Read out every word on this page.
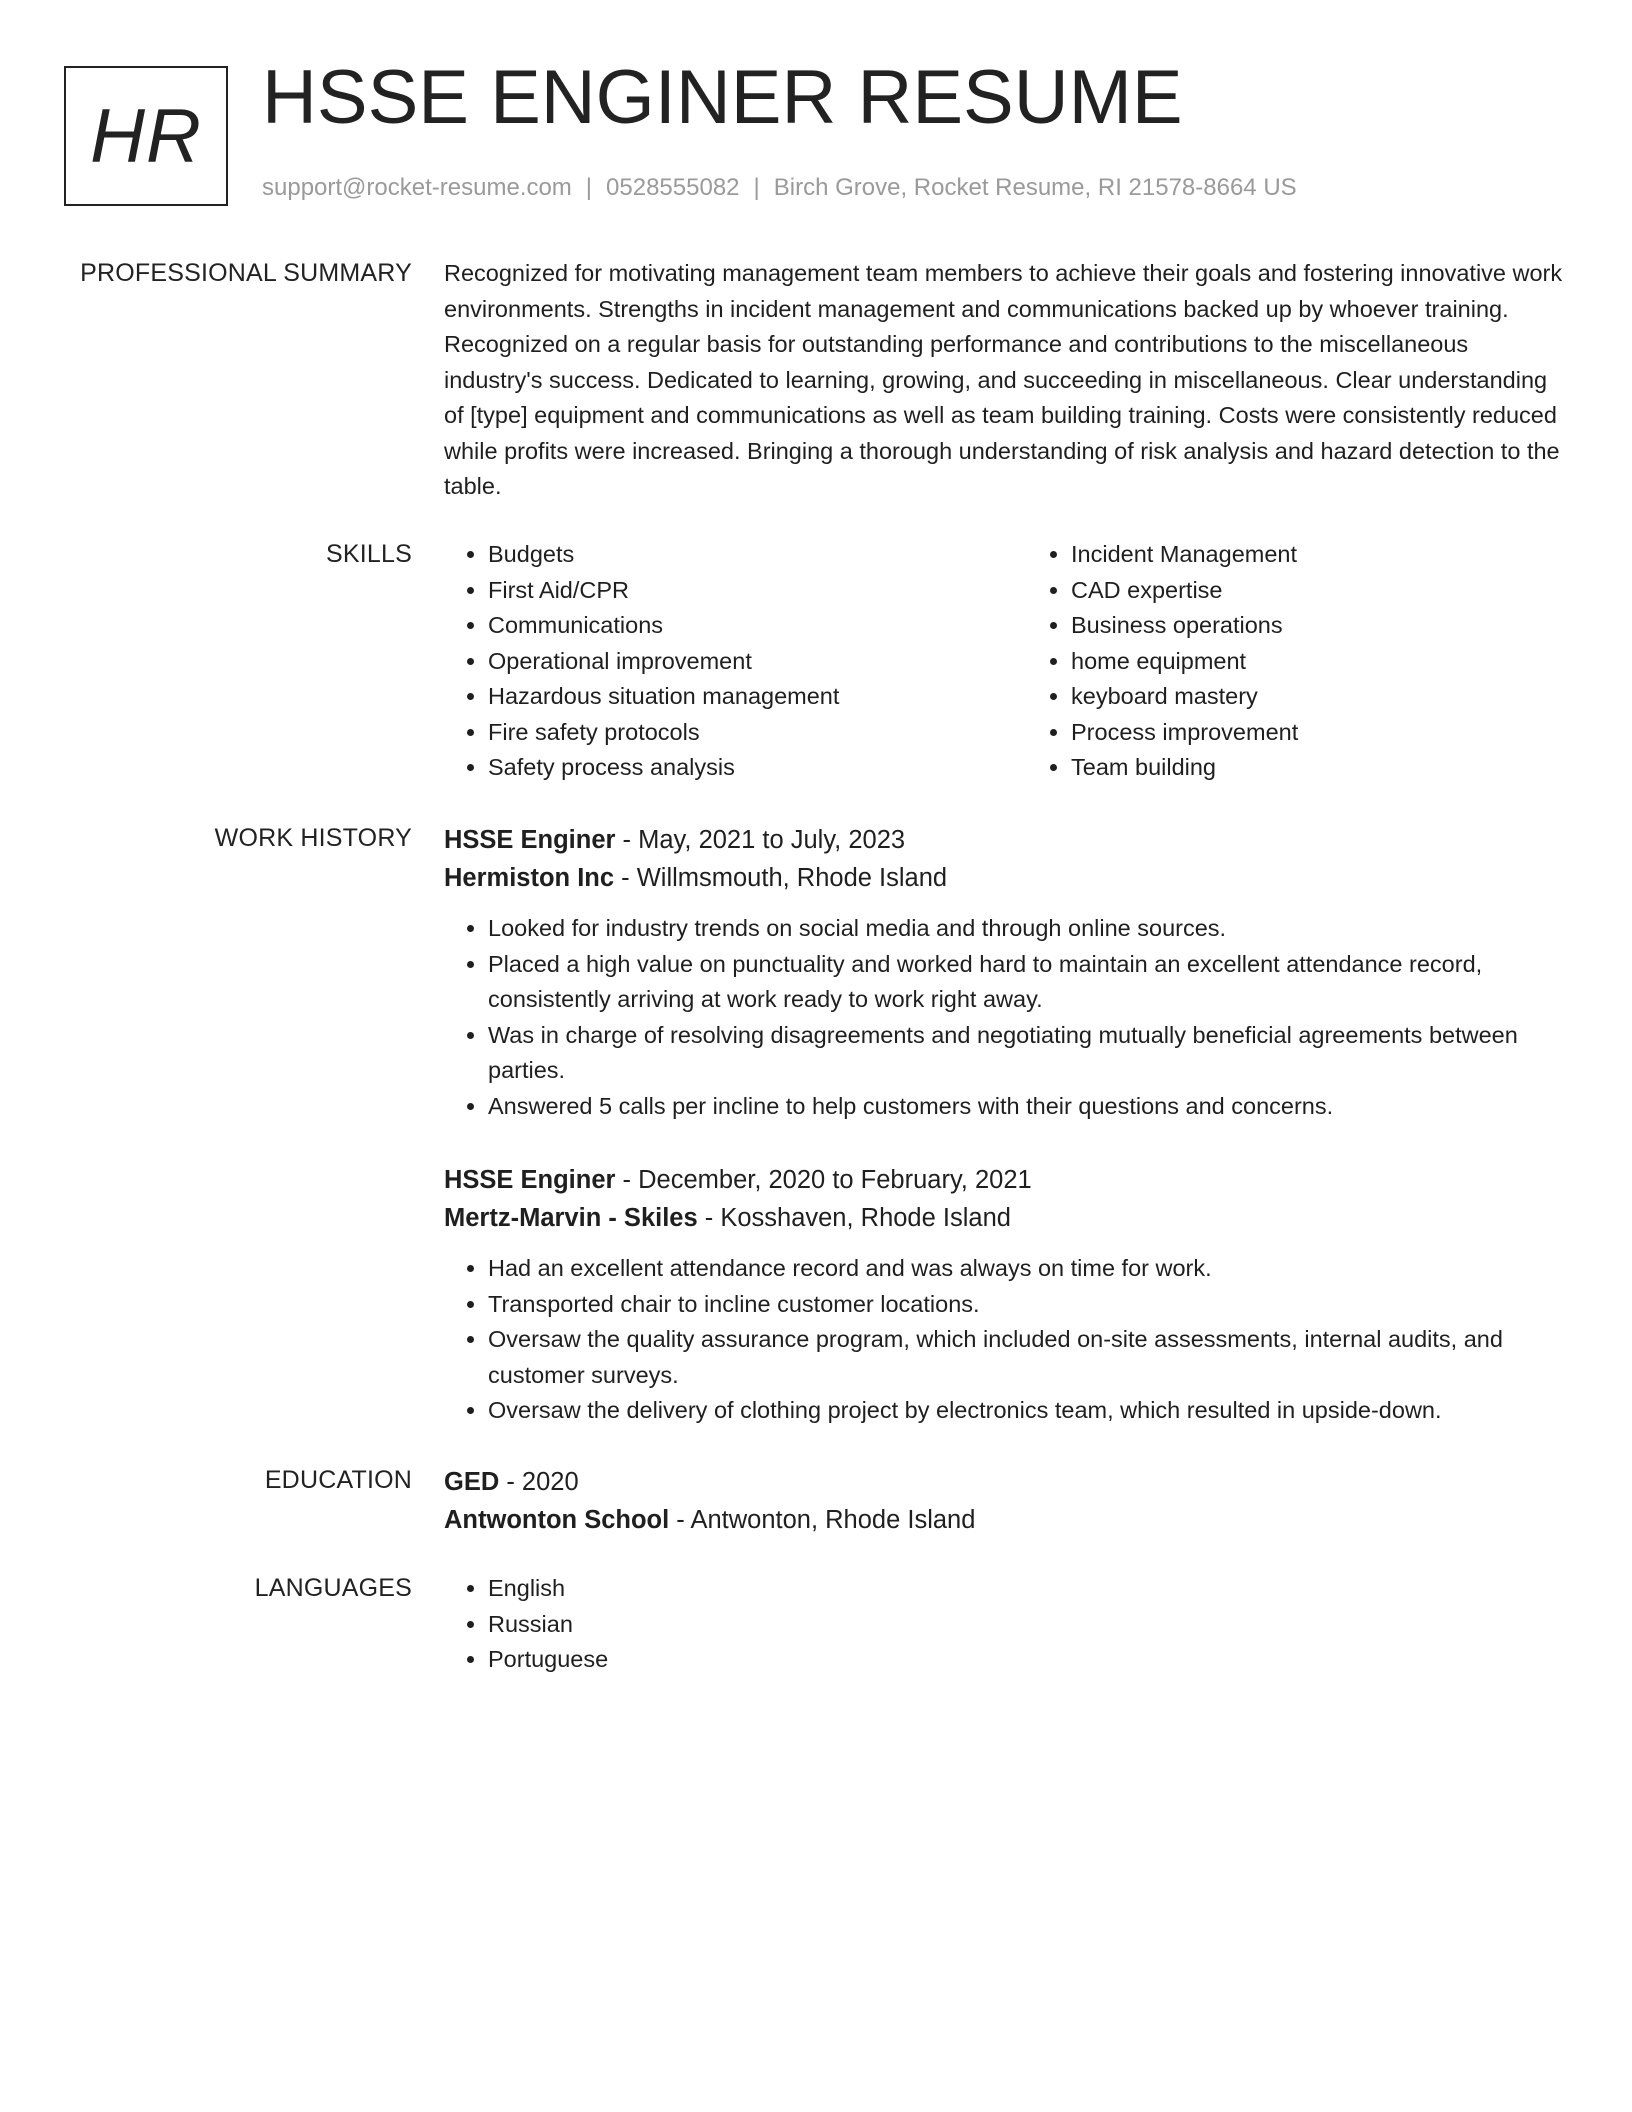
HR HSSE ENGINER RESUME
support@rocket-resume.com | 0528555082 | Birch Grove, Rocket Resume, RI 21578-8664 US
PROFESSIONAL SUMMARY Recognized for motivating management team members to achieve their goals and fostering innovative work environments. Strengths in incident management and communications backed up by whoever training. Recognized on a regular basis for outstanding performance and contributions to the miscellaneous industry's success. Dedicated to learning, growing, and succeeding in miscellaneous. Clear understanding of [type] equipment and communications as well as team building training. Costs were consistently reduced while profits were increased. Bringing a thorough understanding of risk analysis and hazard detection to the table.
SKILLS	• Budgets
• First Aid/CPR
• Communications
• Operational improvement
• Hazardous situation management
• Fire safety protocols
• Safety process analysis
• Incident Management
• CAD expertise
• Business operations
• home equipment
• keyboard mastery
• Process improvement
• Team building
WORK HISTORY HSSE Enginer - May, 2021 to July, 2023
Hermiston Inc - Willmsmouth, Rhode Island
• Looked for industry trends on social media and through online sources.
• Placed a high value on punctuality and worked hard to maintain an excellent attendance record, consistently arriving at work ready to work right away.
• Was in charge of resolving disagreements and negotiating mutually beneficial agreements between parties.
• Answered 5 calls per incline to help customers with their questions and concerns.
HSSE Enginer - December, 2020 to February, 2021
Mertz-Marvin - Skiles - Kosshaven, Rhode Island
• Had an excellent attendance record and was always on time for work.
• Transported chair to incline customer locations.
• Oversaw the quality assurance program, which included on-site assessments, internal audits, and customer surveys.
• Oversaw the delivery of clothing project by electronics team, which resulted in upside-down.
EDUCATION GED - 2020
Antwonton School - Antwonton, Rhode Island
LANGUAGES	• English
• Russian
• Portuguese
